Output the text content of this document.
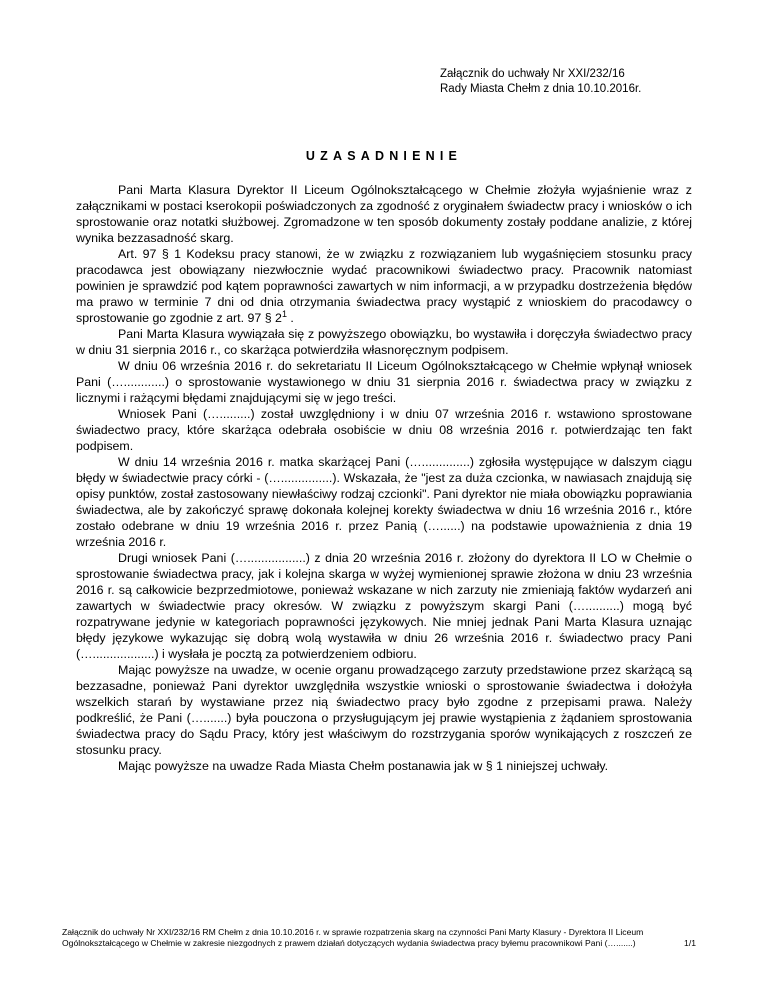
Załącznik do uchwały Nr XXI/232/16
Rady Miasta Chełm z dnia 10.10.2016r.
UZASADNIENIE

Pani Marta Klasura Dyrektor II Liceum Ogólnokształcącego w Chełmie złożyła wyjaśnienie wraz z załącznikami w postaci kserokopii poświadczonych za zgodność z oryginałem świadectw pracy i wniosków o ich sprostowanie oraz notatki służbowej. Zgromadzone w ten sposób dokumenty zostały poddane analizie, z której wynika bezzasadność skarg.

Art. 97 § 1 Kodeksu pracy stanowi, że w związku z rozwiązaniem lub wygaśnięciem stosunku pracy pracodawca jest obowiązany niezwłocznie wydać pracownikowi świadectwo pracy. Pracownik natomiast powinien je sprawdzić pod kątem poprawności zawartych w nim informacji, a w przypadku dostrzeżenia błędów ma prawo w terminie 7 dni od dnia otrzymania świadectwa pracy wystąpić z wnioskiem do pracodawcy o sprostowanie go zgodnie z art. 97 § $2^1$ .

Pani Marta Klasura wywiązała się z powyższego obowiązku, bo wystawiła i doręczyła świadectwo pracy w dniu 31 sierpnia 2016 r., co skarżąca potwierdziła własnoręcznym podpisem.

W dniu 06 września 2016 r. do sekretariatu II Liceum Ogólnokształcącego w Chełmie wpłynął wniosek Pani (…............) o sprostowanie wystawionego w dniu 31 sierpnia 2016 r. świadectwa pracy w związku z licznymi i rażącymi błędami znajdującymi się w jego treści.

Wniosek Pani (….........) został uwzględniony i w dniu 07 września 2016 r. wstawiono sprostowane świadectwo pracy, które skarżąca odebrała osobiście w dniu 08 września 2016 r. potwierdzając ten fakt podpisem.

W dniu 14 września 2016 r. matka skarżącej Pani (…..............) zgłosiła występujące w dalszym ciągu błędy w świadectwie pracy córki - (…...............). Wskazała, że "jest za duża czcionka, w nawiasach znajdują się opisy punktów, został zastosowany niewłaściwy rodzaj czcionki". Pani dyrektor nie miała obowiązku poprawiania świadectwa, ale by zakończyć sprawę dokonała kolejnej korekty świadectwa w dniu 16 września 2016 r., które zostało odebrane w dniu 19 września 2016 r. przez Panią (…......) na podstawie upoważnienia z dnia 19 września 2016 r.

Drugi wniosek Pani (….................) z dnia 20 września 2016 r. złożony do dyrektora II LO w Chełmie o sprostowanie świadectwa pracy, jak i kolejna skarga w wyżej wymienionej sprawie złożona w dniu 23 września 2016 r. są całkowicie bezprzedmiotowe, ponieważ wskazane w nich zarzuty nie zmieniają faktów wydarzeń ani zawartych w świadectwie pracy okresów. W związku z powyższym skargi Pani (…..........) mogą być rozpatrywane jedynie w kategoriach poprawności językowych. Nie mniej jednak Pani Marta Klasura uznając błędy językowe wykazując się dobrą wolą wystawiła w dniu 26 września 2016 r. świadectwo pracy Pani (…..................) i wysłała je pocztą za potwierdzeniem odbioru.

Mając powyższe na uwadze, w ocenie organu prowadzącego zarzuty przedstawione przez skarżącą są bezzasadne, ponieważ Pani dyrektor uwzględniła wszystkie wnioski o sprostowanie świadectwa i dołożyła wszelkich starań by wystawiane przez nią świadectwo pracy było zgodne z przepisami prawa. Należy podkreślić, że Pani (….......) była pouczona o przysługującym jej prawie wystąpienia z żądaniem sprostowania świadectwa pracy do Sądu Pracy, który jest właściwym do rozstrzygania sporów wynikających z roszczeń ze stosunku pracy.

Mając powyższe na uwadze Rada Miasta Chełm postanawia jak w § 1 niniejszej uchwały.

Załącznik do uchwały Nr XXI/232/16 RM Chełm z dnia 10.10.2016 r. w sprawie rozpatrzenia skarg na czynności Pani Marty Klasury - Dyrektora II Liceum Ogólnokształcącego w Chełmie w zakresie niezgodnych z prawem działań dotyczących wydania świadectwa pracy byłemu pracownikowi Pani (….......)	1/1
